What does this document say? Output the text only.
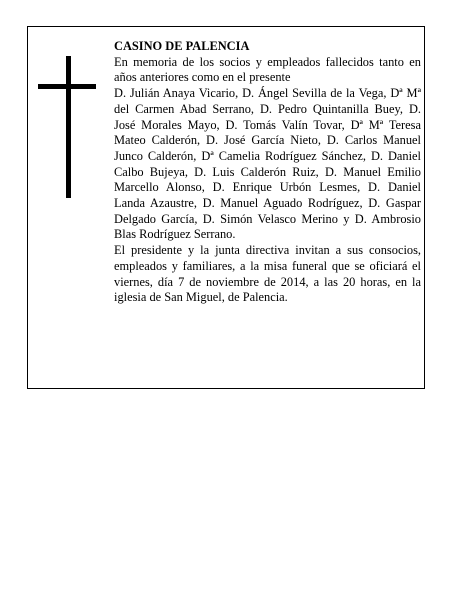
CASINO DE PALENCIA

En memoria de los socios y empleados fallecidos tanto en años anteriores como en el presente

D. Julián Anaya Vicario, D. Ángel Sevilla de la Vega, Dª Mª del Carmen Abad Serrano, D. Pedro Quintanilla Buey, D. José Morales Mayo, D. Tomás Valín Tovar, Dª Mª Teresa Mateo Calderón, D. José García Nieto, D. Carlos Manuel Junco Calderón, Dª Camelia Rodríguez Sánchez, D. Daniel Calbo Bujeya, D. Luis Calderón Ruiz, D. Manuel Emilio Marcello Alonso, D. Enrique Urbón Lesmes, D. Daniel Landa Azaustre, D. Manuel Aguado Rodríguez, D. Gaspar Delgado García, D. Simón Velasco Merino y D. Ambrosio Blas Rodríguez Serrano.

El presidente y la junta directiva invitan a sus consocios, empleados y familiares, a la misa funeral que se oficiará el viernes, día 7 de noviembre de 2014, a las 20 horas, en la iglesia de San Miguel, de Palencia.
